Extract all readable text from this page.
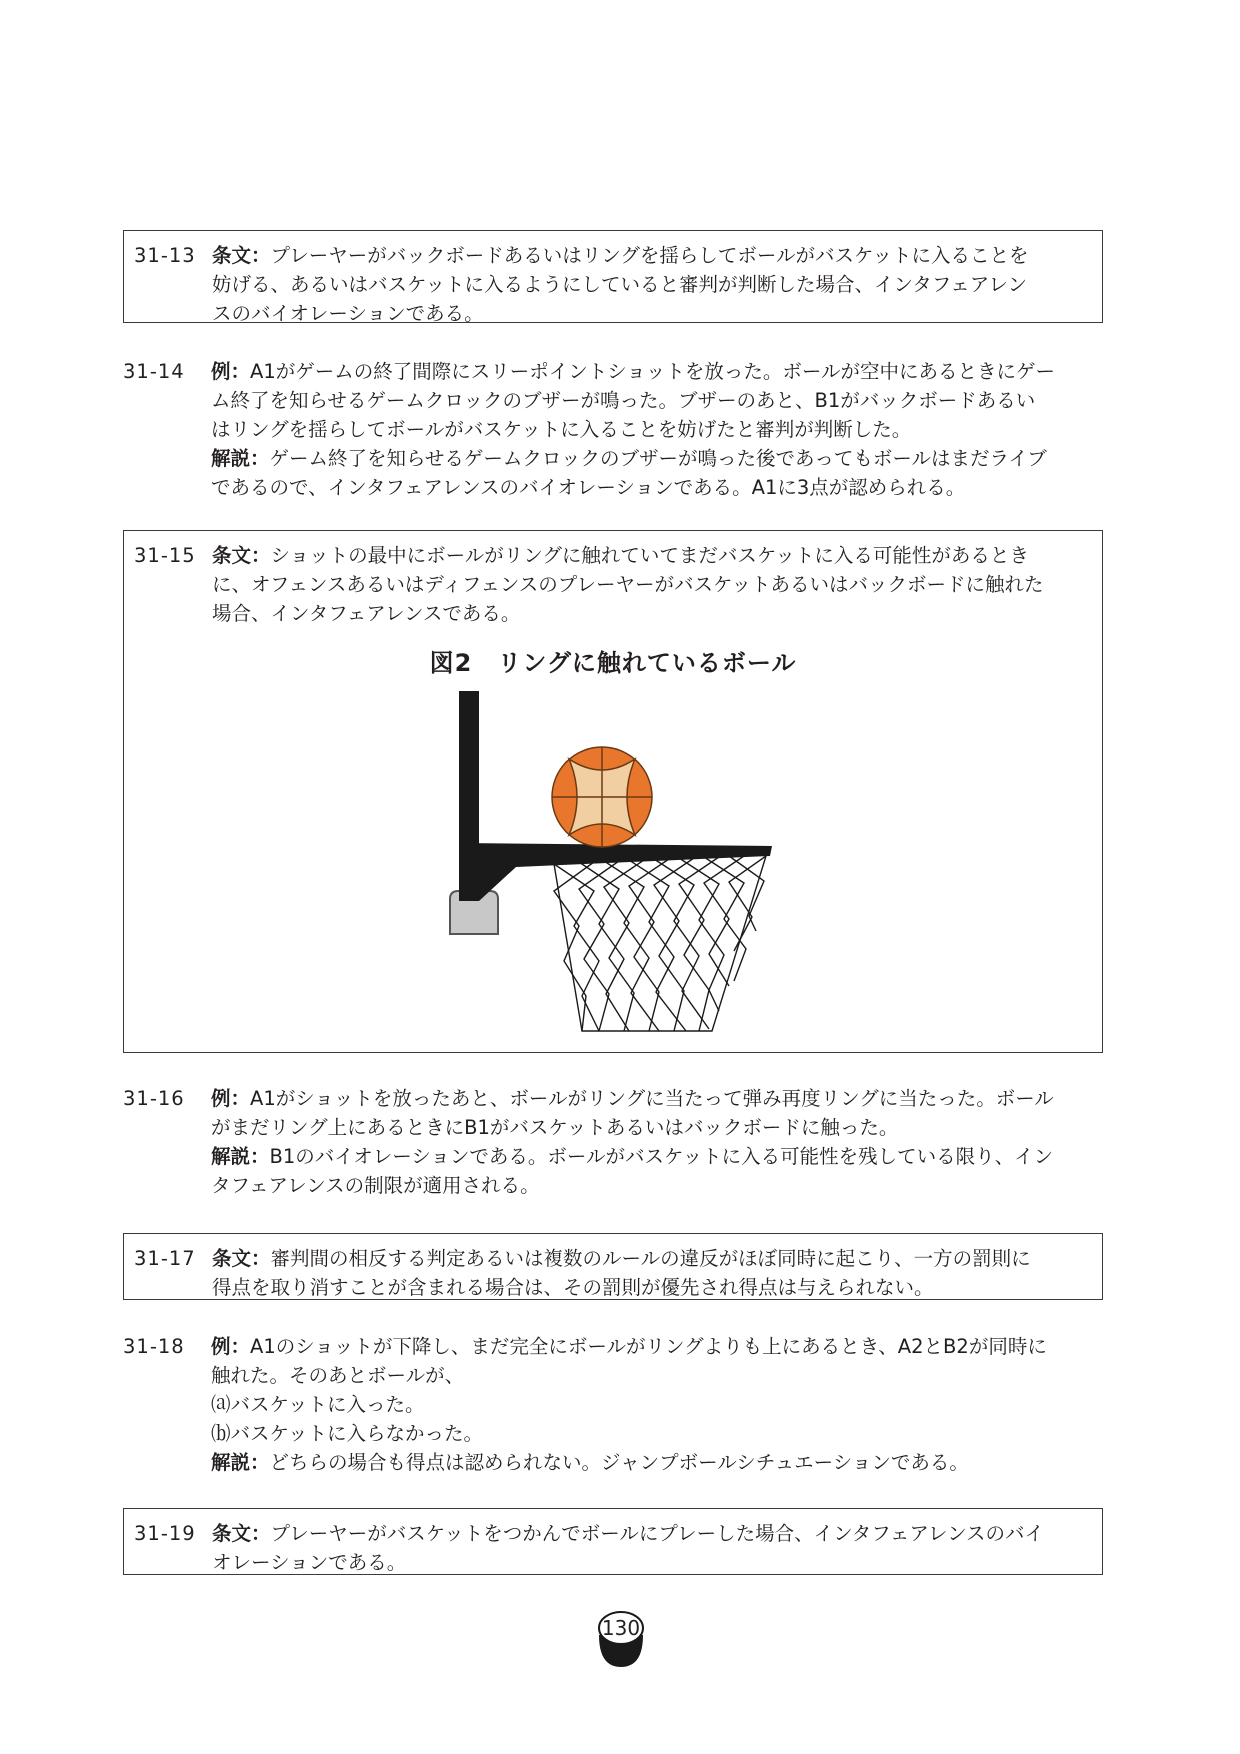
31-13 条文：プレーヤーがバックボードあるいはリングを揺らしてボールがバスケットに入ることを
妨げる、あるいはバスケットに入るようにしていると審判が判断した場合、インタフェアレン
スのバイオレーションである。
31-14 例：A1がゲームの終了間際にスリーポイントショットを放った。ボールが空中にあるときにゲー
ム終了を知らせるゲームクロックのブザーが鳴った。ブザーのあと、B1がバックボードあるい
はリングを揺らしてボールがバスケットに入ることを妨げたと審判が判断した。
解説：ゲーム終了を知らせるゲームクロックのブザーが鳴った後であってもボールはまだライブ
であるので、インタフェアレンスのバイオレーションである。A1に3点が認められる。
31-15 条文：ショットの最中にボールがリングに触れていてまだバスケットに入る可能性があるとき
に、オフェンスあるいはディフェンスのプレーヤーがバスケットあるいはバックボードに触れた
場合、インタフェアレンスである。
図2　リングに触れているボール
31-16 例：A1がショットを放ったあと、ボールがリングに当たって弾み再度リングに当たった。ボール
がまだリング上にあるときにB1がバスケットあるいはバックボードに触った。
解説：B1のバイオレーションである。ボールがバスケットに入る可能性を残している限り、イン
タフェアレンスの制限が適用される。
31-17 条文：審判間の相反する判定あるいは複数のルールの違反がほぼ同時に起こり、一方の罰則に
得点を取り消すことが含まれる場合は、その罰則が優先され得点は与えられない。
31-18 例：A1のショットが下降し、まだ完全にボールがリングよりも上にあるとき、A2とB2が同時に
触れた。そのあとボールが、
⒜バスケットに入った。
⒝バスケットに入らなかった。
解説：どちらの場合も得点は認められない。ジャンプボールシチュエーションである。
31-19 条文：プレーヤーがバスケットをつかんでボールにプレーした場合、インタフェアレンスのバイ
オレーションである。
130
